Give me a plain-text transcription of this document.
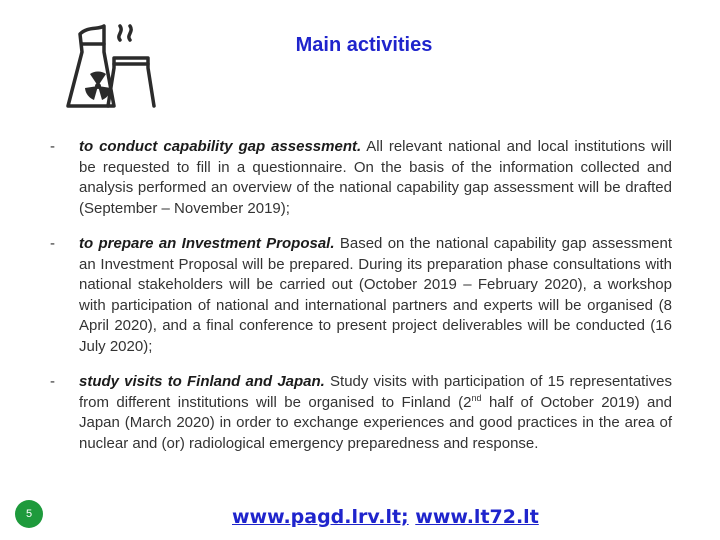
Main activities
- to conduct capability gap assessment. All relevant national and local institutions will be requested to fill in a questionnaire. On the basis of the information collected and analysis performed an overview of the national capability gap assessment will be drafted (September – November 2019);
- to prepare an Investment Proposal. Based on the national capability gap assessment an Investment Proposal will be prepared. During its preparation phase consultations with national stakeholders will be carried out (October 2019 – February 2020), a workshop with participation of national and international partners and experts will be organised (8 April 2020), and a final conference to present project deliverables will be conducted (16 July 2020);
- study visits to Finland and Japan. Study visits with participation of 15 representatives from different institutions will be organised to Finland (2nd half of October 2019) and Japan (March 2020) in order to exchange experiences and good practices in the area of nuclear and (or) radiological emergency preparedness and response.
5	www.pagd.lrv.lt; www.lt72.lt
